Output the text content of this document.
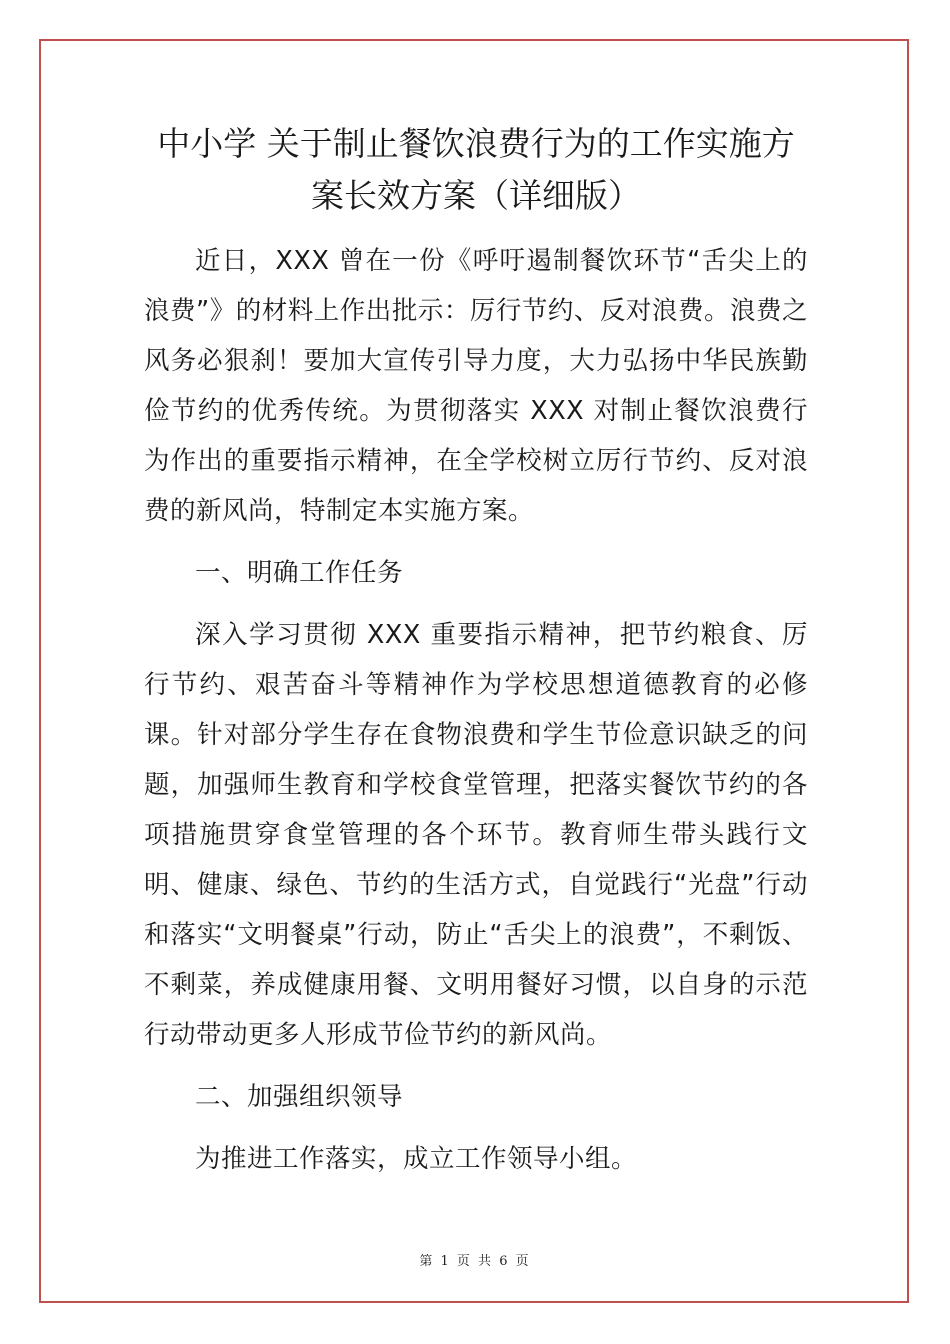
中小学 关于制止餐饮浪费行为的工作实施方案长效方案（详细版）

近日，XXX 曾在一份《呼吁遏制餐饮环节“舌尖上的浪费”》的材料上作出批示：厉行节约、反对浪费。浪费之风务必狠刹！要加大宣传引导力度，大力弘扬中华民族勤俭节约的优秀传统。为贯彻落实 XXX 对制止餐饮浪费行为作出的重要指示精神，在全学校树立厉行节约、反对浪费的新风尚，特制定本实施方案。

一、明确工作任务

深入学习贯彻 XXX 重要指示精神，把节约粮食、厉行节约、艰苦奋斗等精神作为学校思想道德教育的必修课。针对部分学生存在食物浪费和学生节俭意识缺乏的问题，加强师生教育和学校食堂管理，把落实餐饮节约的各项措施贯穿食堂管理的各个环节。教育师生带头践行文明、健康、绿色、节约的生活方式，自觉践行“光盘”行动和落实“文明餐桌”行动，防止“舌尖上的浪费”，不剩饭、不剩菜，养成健康用餐、文明用餐好习惯，以自身的示范行动带动更多人形成节俭节约的新风尚。

二、加强组织领导

为推进工作落实，成立工作领导小组。

第 1 页 共 6 页
